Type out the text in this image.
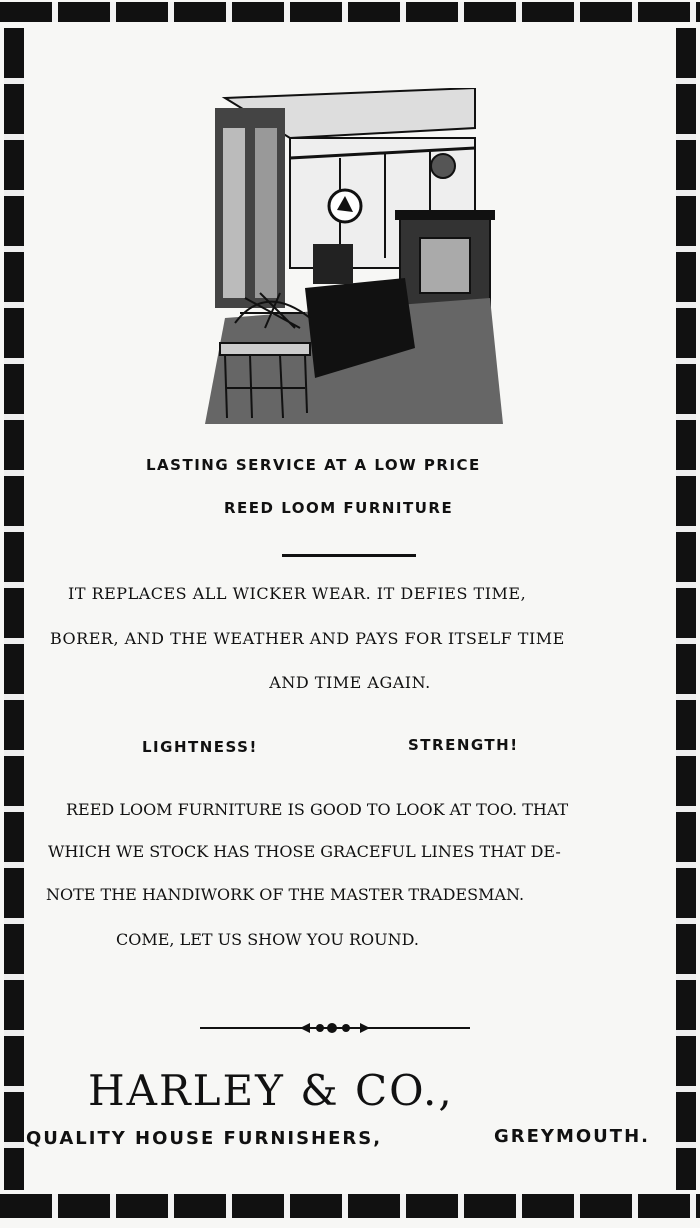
LASTING SERVICE AT A LOW PRICE
REED LOOM FURNITURE
IT REPLACES ALL WICKER WEAR. IT DEFIES TIME,
BORER, AND THE WEATHER AND PAYS FOR ITSELF TIME
AND TIME AGAIN.
LIGHTNESS!	STRENGTH!
REED LOOM FURNITURE IS GOOD TO LOOK AT TOO. THAT
WHICH WE STOCK HAS THOSE GRACEFUL LINES THAT DE-
NOTE THE HANDIWORK OF THE MASTER TRADESMAN.
COME, LET US SHOW YOU ROUND.
HARLEY & CO.,
QUALITY HOUSE FURNISHERS,	GREYMOUTH.
